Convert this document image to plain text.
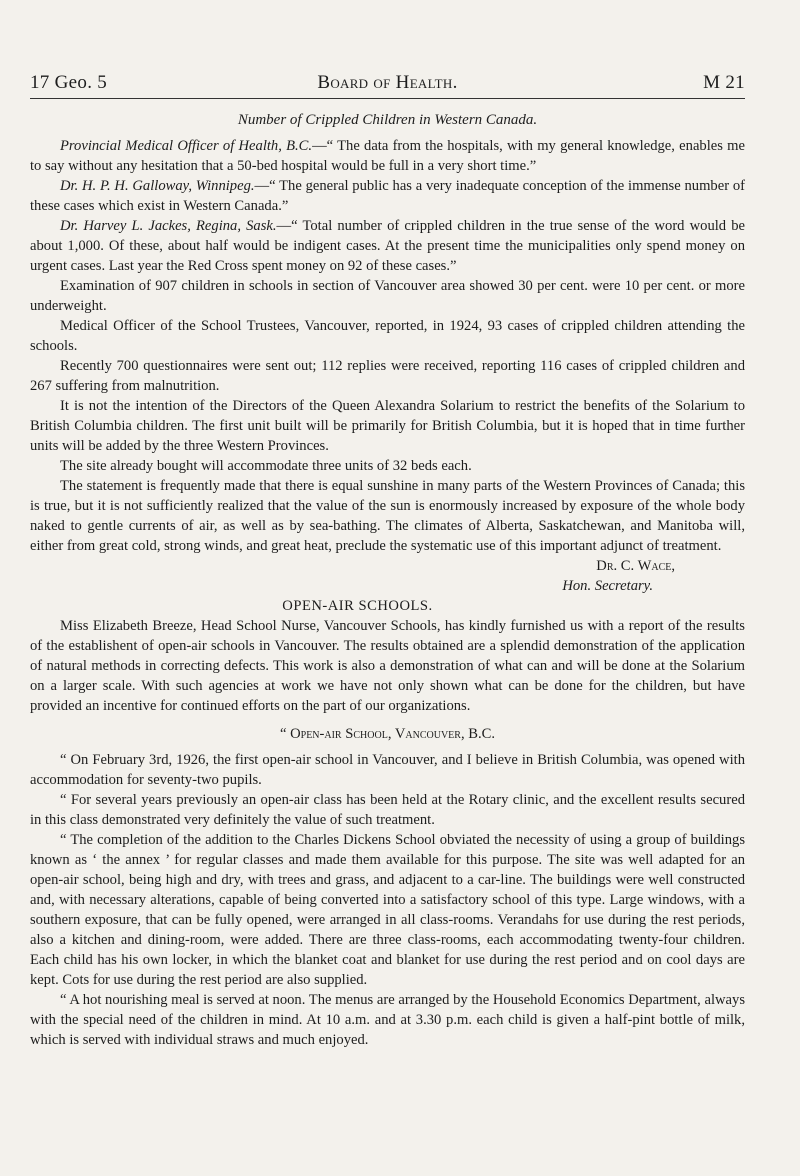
17 Geo. 5	Board of Health.	M 21
Number of Crippled Children in Western Canada.

Provincial Medical Officer of Health, B.C.—“ The data from the hospitals, with my general knowledge, enables me to say without any hesitation that a 50-bed hospital would be full in a very short time.”

Dr. H. P. H. Galloway, Winnipeg.—“ The general public has a very inadequate conception of the immense number of these cases which exist in Western Canada.”

Dr. Harvey L. Jackes, Regina, Sask.—“ Total number of crippled children in the true sense of the word would be about 1,000. Of these, about half would be indigent cases. At the present time the municipalities only spend money on urgent cases. Last year the Red Cross spent money on 92 of these cases.”

Examination of 907 children in schools in section of Vancouver area showed 30 per cent. were 10 per cent. or more underweight.

Medical Officer of the School Trustees, Vancouver, reported, in 1924, 93 cases of crippled children attending the schools.

Recently 700 questionnaires were sent out; 112 replies were received, reporting 116 cases of crippled children and 267 suffering from malnutrition.

It is not the intention of the Directors of the Queen Alexandra Solarium to restrict the benefits of the Solarium to British Columbia children. The first unit built will be primarily for British Columbia, but it is hoped that in time further units will be added by the three Western Provinces.

The site already bought will accommodate three units of 32 beds each.

The statement is frequently made that there is equal sunshine in many parts of the Western Provinces of Canada; this is true, but it is not sufficiently realized that the value of the sun is enormously increased by exposure of the whole body naked to gentle currents of air, as well as by sea-bathing. The climates of Alberta, Saskatchewan, and Manitoba will, either from great cold, strong winds, and great heat, preclude the systematic use of this important adjunct of treatment.

Dr. C. Wace,

Hon. Secretary.

OPEN-AIR SCHOOLS.

Miss Elizabeth Breeze, Head School Nurse, Vancouver Schools, has kindly furnished us with a report of the results of the establishent of open-air schools in Vancouver. The results obtained are a splendid demonstration of the application of natural methods in correcting defects. This work is also a demonstration of what can and will be done at the Solarium on a larger scale. With such agencies at work we have not only shown what can be done for the children, but have provided an incentive for continued efforts on the part of our organizations.

“ Open-air School, Vancouver, B.C.

“ On February 3rd, 1926, the first open-air school in Vancouver, and I believe in British Columbia, was opened with accommodation for seventy-two pupils.

“ For several years previously an open-air class has been held at the Rotary clinic, and the excellent results secured in this class demonstrated very definitely the value of such treatment.

“ The completion of the addition to the Charles Dickens School obviated the necessity of using a group of buildings known as ‘ the annex ’ for regular classes and made them available for this purpose. The site was well adapted for an open-air school, being high and dry, with trees and grass, and adjacent to a car-line. The buildings were well constructed and, with necessary alterations, capable of being converted into a satisfactory school of this type. Large windows, with a southern exposure, that can be fully opened, were arranged in all class-rooms. Verandahs for use during the rest periods, also a kitchen and dining-room, were added. There are three class-rooms, each accommodating twenty-four children. Each child has his own locker, in which the blanket coat and blanket for use during the rest period and on cool days are kept. Cots for use during the rest period are also supplied.

“ A hot nourishing meal is served at noon. The menus are arranged by the Household Economics Department, always with the special need of the children in mind. At 10 a.m. and at 3.30 p.m. each child is given a half-pint bottle of milk, which is served with individual straws and much enjoyed.
